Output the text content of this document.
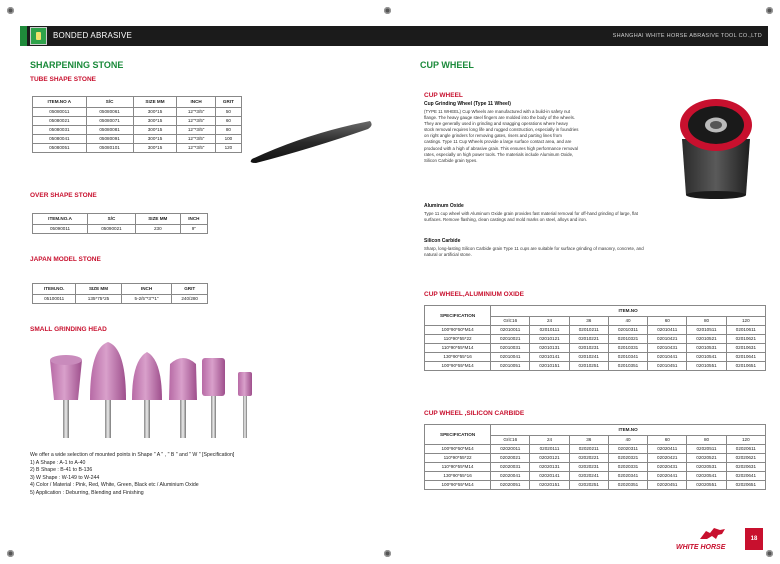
BONDED ABRASIVE	SHANGHAI WHITE HORSE ABRASIVE TOOL CO.,LTD
SHARPENING STONE
TUBE SHAPE STONE
ITEM.NO A	S/C	SIZE MM	INCH	GRIT
05080011	05080061	300*15	12"*3/5"	50
05080021	05080071	300*15	12"*3/5"	60
05080031	05080081	300*15	12"*3/5"	80
05080041	05080091	300*15	12"*3/5"	100
05080051	05080101	300*15	12"*3/5"	120
OVER SHAPE STONE
ITEM.NO.A	S/C	SIZE MM	INCH
05090011	05090021	230	9"
JAPAN MODEL STONE
ITEM.NO.	SIZE MM	INCH	GRIT
05100011	135*75*25	5-2/5"*3"*1"	240/280
SMALL GRINDING HEAD
We offer a wide selection of mounted points in Shape " A " , " B " and " W " [Specification]
1) A Shape : A-1 to A-40
2) B Shape : B-41 to B-136
3) W Shape : W-149 to W-244
4) Color / Material : Pink, Red, White, Green, Black etc / Aluminium Oxide
5) Application : Deburring, Blending and Finishing
CUP WHEEL
CUP WHEEL
Cup Grinding Wheel (Type 11 Wheel)
(TYPE 11 WHEEL) Cup Wheels are manufactured with a build-in safety nut
flange. The heavy gauge steel fingers are molded into the body of the wheels.
They are generally used in grinding and snagging operations where heavy
stock removal requires long life and rugged construction, especially in foundries
on right angle grinders for removing gates, risers and parting lines from
castings. Type 11 Cup Wheels provide a large surface contact area, and are
produced with a high of abrasive grain. This ensures high performance removal
rates, especially on high power tools. The materials include Aluminum Oxide,
Silicon Carbide grain types.
Aluminum Oxide
Type 11 cup wheel with Aluminum Oxide grain provides fast material removal for off-hand grinding of large, flat
surfaces. Remove flashing, clean castings and mold marks on steel, alloys and iron.
Silicon Carbide
Sharp, long-lasting Silicon Carbide grain Type 11 cups are suitable for surface grinding of masonry, concrete, and
natural or artificial stone.
CUP WHEEL,ALUMINIUM OXIDE
SPECIFICATION	ITEM.NO						
	Grit:16	24	36	40	60	80	120
100*90*50*M14	02010011	02010111	02010211	02010311	02010411	02010511	02010611
110*90*55*22	02010021	02010121	02010221	02010321	02010421	02010521	02010621
110*90*55*M14	02010031	02010131	02010231	02010331	02010431	02010531	02010631
130*90*55*16	02010041	02010141	02010241	02010341	02010441	02010541	02010641
100*90*55*M14	02010051	02010151	02010251	02010351	02010451	02010551	02010651
CUP WHEEL ,SILICON CARBIDE
SPECIFICATION	ITEM.NO						
	Grit:16	24	36	40	60	80	120
100*90*50*M14	02020011	02020111	02020211	02020311	02020411	02020511	02020611
110*90*55*22	02020021	02020121	02020221	02020321	02020421	02020521	02020621
110*90*55*M14	02020031	02020131	02020231	02020331	02020431	02020531	02020631
130*90*55*16	02020041	02020141	02020241	02020341	02020441	02020541	02020641
100*90*55*M14	02020051	02020151	02020251	02020351	02020451	02020551	02020651
WHITE HORSE
18
